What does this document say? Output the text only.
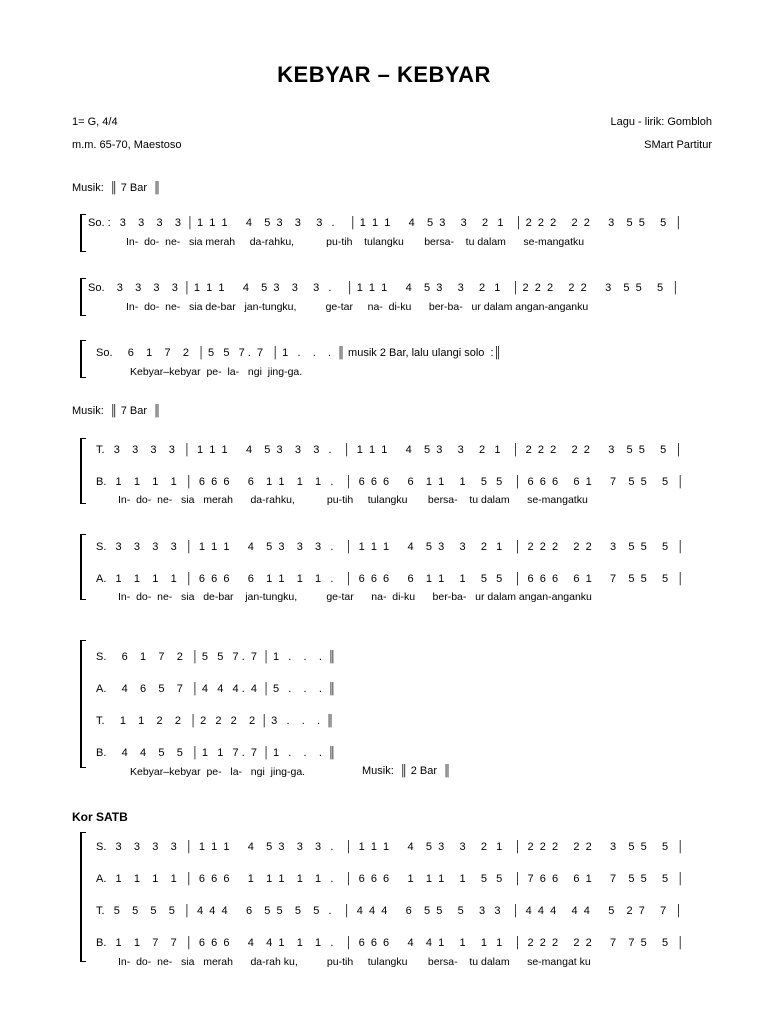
KEBYAR – KEBYAR
1= G, 4/4
m.m. 65-70, Maestoso
Lagu - lirik: Gombloh
SMart Partitur
Musik:  ║ 7 Bar  ║
So. :   3    3    3    3  │ 1  1  1      4    5  3    3     3   .     │ 1  1  1      4    5  3     3     2   1    │ 2  2  2     2  2      3    5  5     5   │
In-  do-  ne-   sia merah     da-rahku,           pu-tih    tulangku       bersa-    tu dalam      se-mangatku
So.    3    3    3    3  │ 1  1  1      4    5  3    3     3   .     │ 1  1  1      4    5  3     3     2   1    │ 2  2  2     2  2      3    5  5     5   │
In-  do-  ne-   sia de-bar   jan-tungku,          ge-tar     na-  di-ku      ber-ba-   ur dalam angan-anganku
So.     6    1    7    2   │ 5   5   7 .  7   │ 1   .    .    .  ║ musik 2 Bar, lalu ulangi solo  :║
Kebyar–kebyar  pe-  la-   ngi  jing-ga.
Musik:  ║ 7 Bar  ║
T.   3    3    3    3   │  1  1  1      4    5  3    3    3   .    │  1  1  1      4    5  3     3     2   1    │  2  2  2     2  2      3    5  5     5   │
B.   1    1    1    1   │  6  6  6      6    1  1    1    1   .    │  6  6  6      6    1  1     1     5   5    │  6  6  6     6  1      7    5  5     5   │
In-  do-  ne-   sia   merah      da-rahku,           pu-tih     tulangku       bersa-    tu dalam      se-mangatku
S.   3    3    3    3   │  1  1  1      4    5  3    3    3   .    │  1  1  1      4    5  3     3     2   1    │  2  2  2     2  2      3    5  5     5   │
A.   1    1    1    1   │  6  6  6      6    1  1    1    1   .    │  6  6  6      6    1  1     1     5   5    │  6  6  6     6  1      7    5  5     5   │
In-  do-  ne-   sia   de-bar    jan-tungku,          ge-tar      na-  di-ku      ber-ba-   ur dalam angan-anganku
S.     6    1    7    2   │ 5   5   7 .  7  │ 1   .    .    .  ║
A.     4    6    5    7   │ 4   4   4 .  4  │ 5   .    .    .  ║
T.     1    1    2    2   │ 2   2   2    2  │ 3   .    .    .  ║
B.     4    4    5    5   │ 1   1   7 .  7  │ 1   .    .    .  ║
Kebyar–kebyar  pe-   la-   ngi  jing-ga.	Musik:  ║ 2 Bar  ║
Kor SATB
S.   3    3    3    3   │  1  1  1      4    5  3    3    3   .    │  1  1  1      4    5  3     3     2   1    │  2  2  2     2  2      3    5  5     5   │
A.   1    1    1    1   │  6  6  6      1    1  1    1    1   .    │  6  6  6      1    1  1     1     5   5    │  7  6  6     6  1      7    5  5     5   │
T.   5    5    5    5   │  4  4  4      6    5  5    5    5   .    │  4  4  4      6    5  5     5     3   3    │  4  4  4     4  4      5    2  7     7   │
B.   1    1    7    7   │  6  6  6      4    4  1    1    1   .    │  6  6  6      4    4  1     1     1   1    │  2  2  2     2  2      7    7  5     5   │
In-  do-  ne-   sia   merah      da-rah ku,          pu-tih     tulangku       bersa-    tu dalam      se-mangat ku
